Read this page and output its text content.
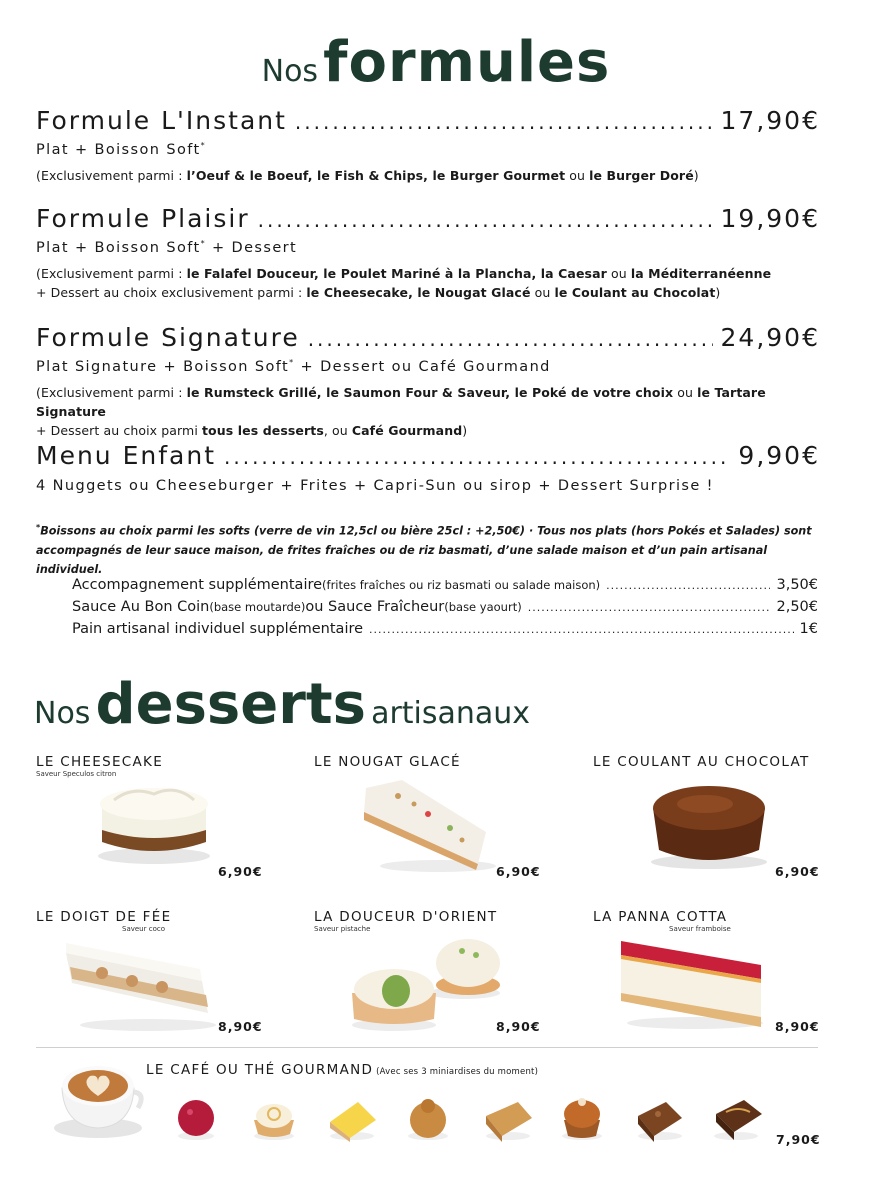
Nos formules
Formule L'Instant .....	17,90€
Plat + Boisson Soft*
(Exclusivement parmi : l’Oeuf & le Boeuf, le Fish & Chips, le Burger Gourmet ou le Burger Doré)
Formule Plaisir .....	19,90€
Plat + Boisson Soft* + Dessert
(Exclusivement parmi : le Falafel Douceur, le Poulet Mariné à la Plancha, la Caesar ou la Méditerranéenne
+ Dessert au choix exclusivement parmi : le Cheesecake, le Nougat Glacé ou le Coulant au Chocolat)
Formule Signature .....	24,90€
Plat Signature + Boisson Soft* + Dessert ou Café Gourmand
(Exclusivement parmi : le Rumsteck Grillé, le Saumon Four & Saveur, le Poké de votre choix ou le Tartare Signature
+ Dessert au choix parmi tous les desserts, ou Café Gourmand)
Menu Enfant .....	9,90€
4 Nuggets ou Cheeseburger + Frites + Capri-Sun ou sirop + Dessert Surprise !
*Boissons au choix parmi les softs (verre de vin 12,5cl ou bière 25cl : +2,50€) · Tous nos plats (hors Pokés et Salades) sont
accompagnés de leur sauce maison, de frites fraîches ou de riz basmati, d’une salade maison et d’un pain artisanal individuel.
Accompagnement supplémentaire (frites fraîches ou riz basmati ou salade maison) .....	3,50€
Sauce Au Bon Coin (base moutarde) ou Sauce Fraîcheur (base yaourt) .....	2,50€
Pain artisanal individuel supplémentaire .....	1€
Nos desserts artisanaux
LE CHEESECAKE
Saveur Speculos citron
6,90€
LE NOUGAT GLACÉ
6,90€
LE COULANT AU CHOCOLAT
6,90€
LE DOIGT DE FÉE
Saveur coco
8,90€
LA DOUCEUR D'ORIENT
Saveur pistache
8,90€
LA PANNA COTTA
Saveur framboise
8,90€
LE CAFÉ OU THÉ GOURMAND (Avec ses 3 miniardises du moment)
7,90€
